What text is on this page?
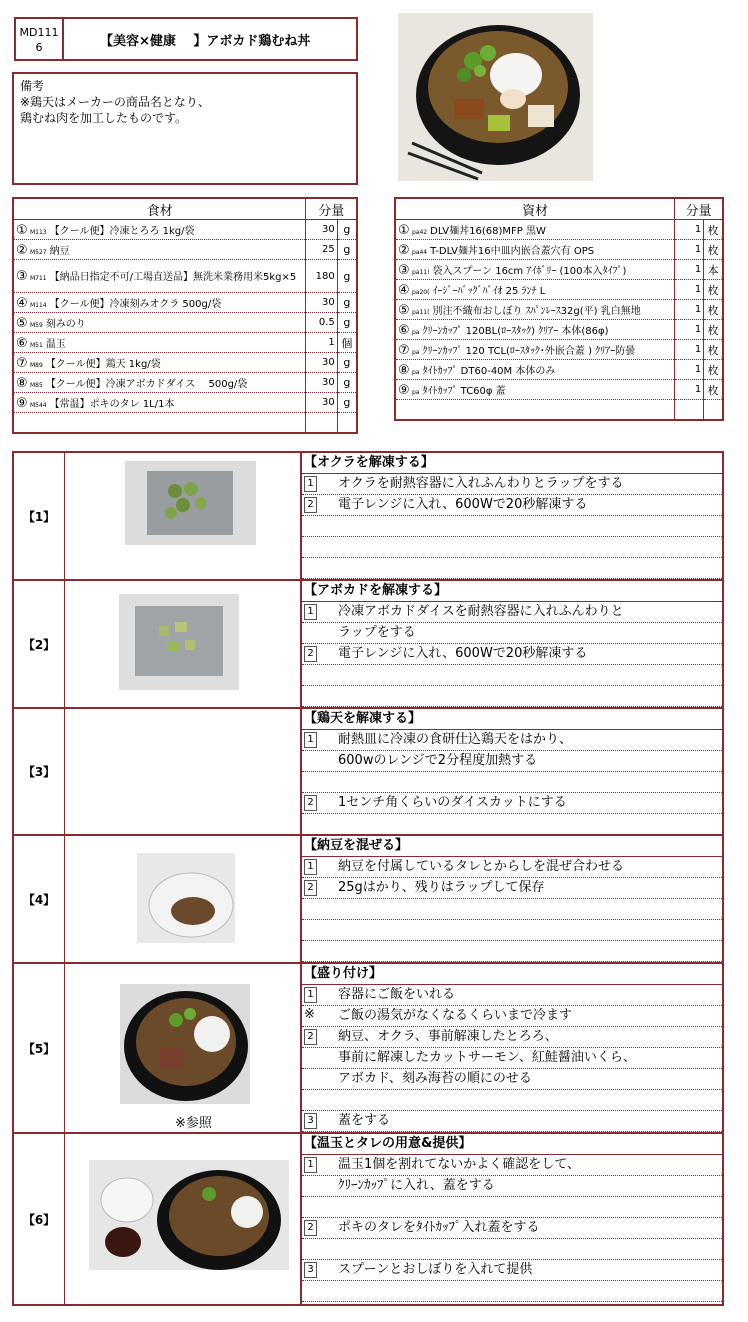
MD111 6	【美容×健康　 】アボカド鶏むね丼
備考
※鶏天はメーカーの商品名となり、
鶏むね肉を加工したものです。
食材	分量	
① M113 【クール便】冷凍とろろ 1kg/袋	30	g
② M527 納豆	25	g
③ M711 【納品日指定不可/工場直送品】無洗米業務用米5kg×5	180	g
④ M114 【クール便】冷凍刻みオクラ 500g/袋	30	g
⑤ M59 刻みのり	0.5	g
⑥ M51 温玉	1	個
⑦ M89 【クール便】鶏天 1kg/袋	30	g
⑧ M85 【クール便】冷凍アボカドダイス　 500g/袋	30	g
⑨ M544 【常温】ポキのタレ 1L/1本	30	g

資材	分量	
① pa42 DLV麺丼16(68)MFP 黒W	1	枚
② pa44 T-DLV麺丼16中皿内嵌合蓋穴有 OPS	1	枚
③ pa11! 袋入スプーン 16cm ｱｲﾎﾞﾘｰ (100本入ﾀｲﾌﾟ)	1	本
④ pa20( ｲｰｼﾞｰﾊﾞｯｸﾞﾊﾞｲｵ 25 ﾗﾝﾁ L	1	枚
⑤ pa11( 別注不織布おしぼり ｽﾊﾟﾝﾚｰｽ32g(平) 乳白無地	1	枚
⑥ pa ｸﾘｰﾝｶｯﾌﾟ 120BL(ﾛｰｽﾀｯｸ) ｸﾘｱｰ 本体(86φ)	1	枚
⑦ pa ｸﾘｰﾝｶｯﾌﾟ 120 TCL(ﾛｰｽﾀｯｸ･外嵌合蓋 ) ｸﾘｱｰ防曇	1	枚
⑧ pa ﾀｲﾄｶｯﾌﾟ DT60-40M 本体のみ	1	枚
⑨ pa ﾀｲﾄｶｯﾌﾟ TC60φ 蓋	1	枚

【1】
【オクラを解凍する】
1 オクラを耐熱容器に入れふんわりとラップをする
2 電子レンジに入れ、600Wで20秒解凍する
【2】
【アボカドを解凍する】
1 冷凍アボカドダイスを耐熱容器に入れふんわりと
ラップをする
2 電子レンジに入れ、600Wで20秒解凍する
【3】
【鶏天を解凍する】
1 耐熱皿に冷凍の食研仕込鶏天をはかり、
600wのレンジで2分程度加熱する
2 1センチ角くらいのダイスカットにする
【4】
【納豆を混ぜる】
1 納豆を付属しているタレとからしを混ぜ合わせる
2 25gはかり、残りはラップして保存
【5】
※参照
【盛り付け】
1 容器にご飯をいれる
※ ご飯の湯気がなくなるくらいまで冷ます
2 納豆、オクラ、事前解凍したとろろ、
事前に解凍したカットサーモン、紅鮭醤油いくら、
アボカド、刻み海苔の順にのせる
3 蓋をする
【6】
【温玉とタレの用意&提供】
1 温玉1個を割れてないかよく確認をして、
ｸﾘｰﾝｶｯﾌﾟに入れ、蓋をする
2 ポキのタレをﾀｲﾄｶｯﾌﾟ入れ蓋をする
3 スプーンとおしぼりを入れて提供
